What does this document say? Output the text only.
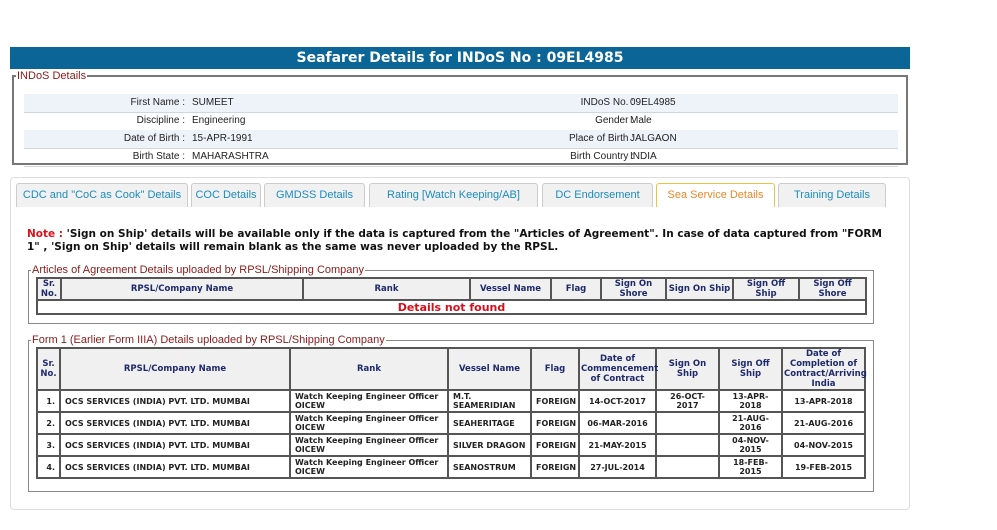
Seafarer Details for INDoS No : 09EL4985
INDoS Details
First Name : SUMEET	INDoS No. :
09EL4985
Discipline : Engineering	Gender :
Male
Date of Birth : 15-APR-1991	Place of Birth :
JALGAON
Birth State : MAHARASHTRA	Birth Country :
INDIA
CDC and "CoC as Cook" Details	COC Details	GMDSS Details	Rating [Watch Keeping/AB]	DC Endorsement	Sea Service Details	Training Details
Note : 'Sign on Ship' details will be available only if the data is captured from the "Articles of Agreement". In case of data captured from "FORM 1" , 'Sign on Ship' details will remain blank as the same was never uploaded by the RPSL.
Articles of Agreement Details uploaded by RPSL/Shipping Company
Sr. No.	RPSL/Company Name	Rank	Vessel Name	Flag	Sign On Shore	Sign On Ship	Sign Off Ship	Sign Off Shore
Details not found
Form 1 (Earlier Form IIIA) Details uploaded by RPSL/Shipping Company
Sr. No.	RPSL/Company Name	Rank	Vessel Name	Flag	Date of Commencement of Contract	Sign On Ship	Sign Off Ship	Date of Completion of Contract/Arriving India
1.	OCS SERVICES (INDIA) PVT. LTD. MUMBAI	Watch Keeping Engineer Officer OICEW	M.T. SEAMERIDIAN	FOREIGN	14-OCT-2017	26-OCT-2017	13-APR-2018	13-APR-2018
2.	OCS SERVICES (INDIA) PVT. LTD. MUMBAI	Watch Keeping Engineer Officer OICEW	SEAHERITAGE	FOREIGN	06-MAR-2016		21-AUG-2016	21-AUG-2016
3.	OCS SERVICES (INDIA) PVT. LTD. MUMBAI	Watch Keeping Engineer Officer OICEW	SILVER DRAGON	FOREIGN	21-MAY-2015		04-NOV-2015	04-NOV-2015
4.	OCS SERVICES (INDIA) PVT. LTD. MUMBAI	Watch Keeping Engineer Officer OICEW	SEANOSTRUM	FOREIGN	27-JUL-2014		18-FEB-2015	19-FEB-2015
